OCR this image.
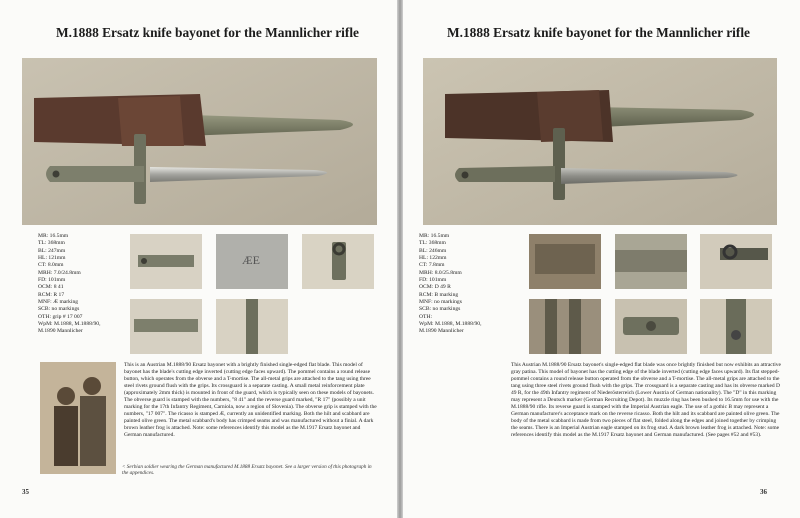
M.1888 Ersatz knife bayonet for the Mannlicher rifle
MR: 16.5mm
TL: 368mm
BL: 247mm
HL: 121mm
CT: 8.0mm
MRH: 7.0/24.8mm
FD: 101mm
OCM: 8 41
RCM: R 17
MNF: Æ marking
SCB: no markings
OTH: grip # 17 007
WpM: M.1888, M.1888/90,
M.1890 Mannlicher
ÆE
This is an Austrian M.1888/90 Ersatz bayonet with a brightly finished single-edged flat blade. This model of bayonet has the blade's cutting edge inverted (cutting edge faces upward). The pommel contains a round release button, which operates from the obverse and a T-mortise. The all-metal grips are attached to the tang using three steel rivets ground flush with the grips. Its crossguard is a separate casting. A small metal reinforcement plate (approximately 2mm thick) is mounted in front of the guard, which is typically seen on these models of bayonets. The obverse guard is stamped with the numbers, "8 41" and the reverse guard marked, "R 17" (possibly a unit marking for the 17th Infantry Regiment, Carniola, now a region of Slovenia). The obverse grip is stamped with the numbers, "17 007". The ricasso is stamped Æ, currently an unidentified marking. Both the hilt and scabbard are painted olive green. The metal scabbard's body has crimped seams and was manufactured without a finial. A dark brown leather frog is attached. Note: some references identify this model as the M.1917 Ersatz bayonet and German manufactured.
< Serbian soldier wearing the German manufactured M.1888 Ersatz bayonet. See a larger version of this photograph in the appendices.
35
M.1888 Ersatz knife bayonet for the Mannlicher rifle
MR: 16.5mm
TL: 368mm
BL: 246mm
HL: 122mm
CT: 7.8mm
MRH: 8.0/25.8mm
FD: 101mm
OCM: D 49 R
RCM: B marking
MNF: no markings
SCB: no markings
OTH:
WpM: M.1888, M.1888/90,
M.1890 Mannlicher
This Austrian M.1888/90 Ersatz bayonet's single-edged flat blade was once brightly finished but now exhibits an attractive gray patina. This model of bayonet has the cutting edge of the blade inverted (cutting edge faces upward). Its flat stepped-pommel contains a round release button operated from the obverse and a T-mortise. The all-metal grips are attached to the tang using three steel rivets ground flush with the grips. The crossguard is a separate casting and has its obverse marked D 49 R, for the 49th Infantry regiment of Niederösterreich (Lower Austria of German nationality). The "D" in this marking may represent a Deutsch marker (German Recruiting Depot). Its muzzle ring has been bushed to 16.5mm for use with the M.1888/90 rifle. Its reverse guard is stamped with the Imperial Austrian eagle. The use of a gothic B may represent a German manufacturer's acceptance mark on the reverse ricasso. Both the hilt and its scabbard are painted olive green. The body of the metal scabbard is made from two pieces of flat steel, folded along the edges and joined together by crimping the seams. There is an Imperial Austrian eagle stamped on its frog stud. A dark brown leather frog is attached. Note: some references identify this model as the M.1917 Ersatz bayonet and German manufactured. (See pages #52 and #53).
36
